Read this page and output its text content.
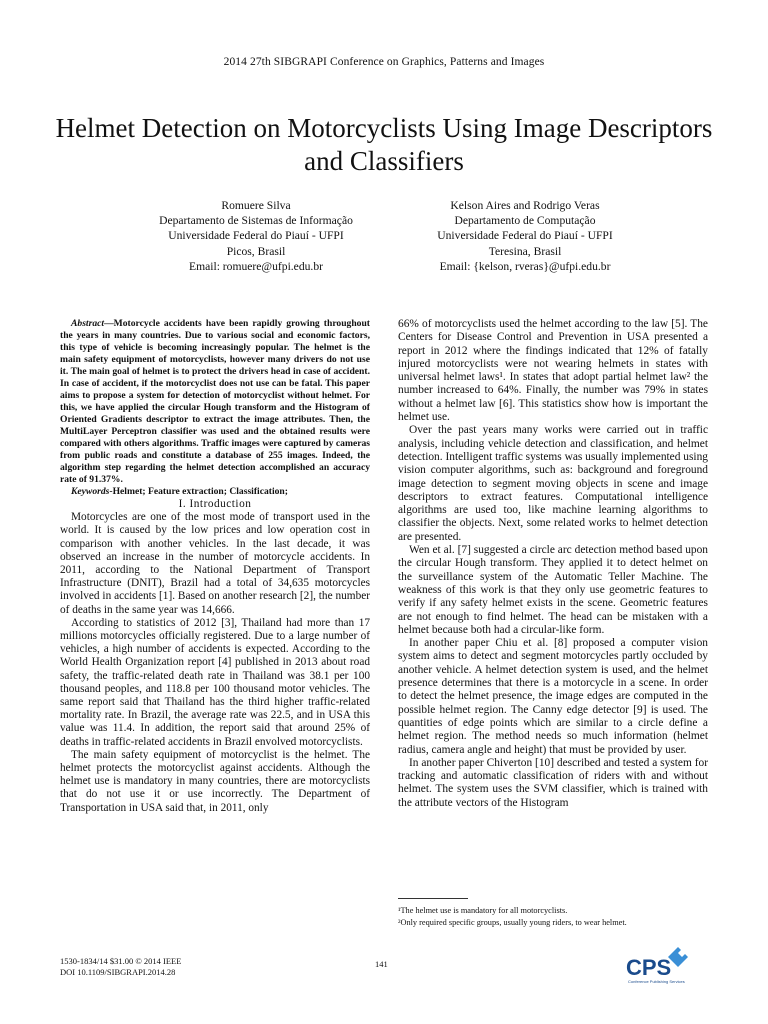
2014 27th SIBGRAPI Conference on Graphics, Patterns and Images
Helmet Detection on Motorcyclists Using Image Descriptors and Classifiers
Romuere Silva
Departamento de Sistemas de Informação
Universidade Federal do Piauí - UFPI
Picos, Brasil
Email: romuere@ufpi.edu.br
Kelson Aires and Rodrigo Veras
Departamento de Computação
Universidade Federal do Piauí - UFPI
Teresina, Brasil
Email: {kelson, rveras}@ufpi.edu.br

Abstract—Motorcycle accidents have been rapidly growing throughout the years in many countries. Due to various social and economic factors, this type of vehicle is becoming increasingly popular. The helmet is the main safety equipment of motorcyclists, however many drivers do not use it. The main goal of helmet is to protect the drivers head in case of accident. In case of accident, if the motorcyclist does not use can be fatal. This paper aims to propose a system for detection of motorcyclist without helmet. For this, we have applied the circular Hough transform and the Histogram of Oriented Gradients descriptor to extract the image attributes. Then, the MultiLayer Perceptron classifier was used and the obtained results were compared with others algorithms. Traffic images were captured by cameras from public roads and constitute a database of 255 images. Indeed, the algorithm step regarding the helmet detection accomplished an accuracy rate of 91.37%.

Keywords-Helmet; Feature extraction; Classification;

I. Introduction

Motorcycles are one of the most mode of transport used in the world. It is caused by the low prices and low operation cost in comparison with another vehicles. In the last decade, it was observed an increase in the number of motorcycle accidents. In 2011, according to the National Department of Transport Infrastructure (DNIT), Brazil had a total of 34,635 motorcycles involved in accidents [1]. Based on another research [2], the number of deaths in the same year was 14,666.

According to statistics of 2012 [3], Thailand had more than 17 millions motorcycles officially registered. Due to a large number of vehicles, a high number of accidents is expected. According to the World Health Organization report [4] published in 2013 about road safety, the traffic-related death rate in Thailand was 38.1 per 100 thousand peoples, and 118.8 per 100 thousand motor vehicles. The same report said that Thailand has the third higher traffic-related mortality rate. In Brazil, the average rate was 22.5, and in USA this value was 11.4. In addition, the report said that around 25% of deaths in traffic-related accidents in Brazil envolved motorcyclists.

The main safety equipment of motorcyclist is the helmet. The helmet protects the motorcyclist against accidents. Although the helmet use is mandatory in many countries, there are motorcyclists that do not use it or use incorrectly. The Department of Transportation in USA said that, in 2011, only

66% of motorcyclists used the helmet according to the law [5]. The Centers for Disease Control and Prevention in USA presented a report in 2012 where the findings indicated that 12% of fatally injured motorcyclists were not wearing helmets in states with universal helmet laws¹. In states that adopt partial helmet law² the number increased to 64%. Finally, the number was 79% in states without a helmet law [6]. This statistics show how is important the helmet use.

Over the past years many works were carried out in traffic analysis, including vehicle detection and classification, and helmet detection. Intelligent traffic systems was usually implemented using vision computer algorithms, such as: background and foreground image detection to segment moving objects in scene and image descriptors to extract features. Computational intelligence algorithms are used too, like machine learning algorithms to classifier the objects. Next, some related works to helmet detection are presented.

Wen et al. [7] suggested a circle arc detection method based upon the circular Hough transform. They applied it to detect helmet on the surveillance system of the Automatic Teller Machine. The weakness of this work is that they only use geometric features to verify if any safety helmet exists in the scene. Geometric features are not enough to find helmet. The head can be mistaken with a helmet because both had a circular-like form.

In another paper Chiu et al. [8] proposed a computer vision system aims to detect and segment motorcycles partly occluded by another vehicle. A helmet detection system is used, and the helmet presence determines that there is a motorcycle in a scene. In order to detect the helmet presence, the image edges are computed in the possible helmet region. The Canny edge detector [9] is used. The quantities of edge points which are similar to a circle define a helmet region. The method needs so much information (helmet radius, camera angle and height) that must be provided by user.

In another paper Chiverton [10] described and tested a system for tracking and automatic classification of riders with and without helmet. The system uses the SVM classifier, which is trained with the attribute vectors of the Histogram

¹The helmet use is mandatory for all motorcyclists.
²Only required specific groups, usually young riders, to wear helmet.
1530-1834/14 $31.00 © 2014 IEEE
DOI 10.1109/SIBGRAPI.2014.28
141	CPS
Conference Publishing Services
